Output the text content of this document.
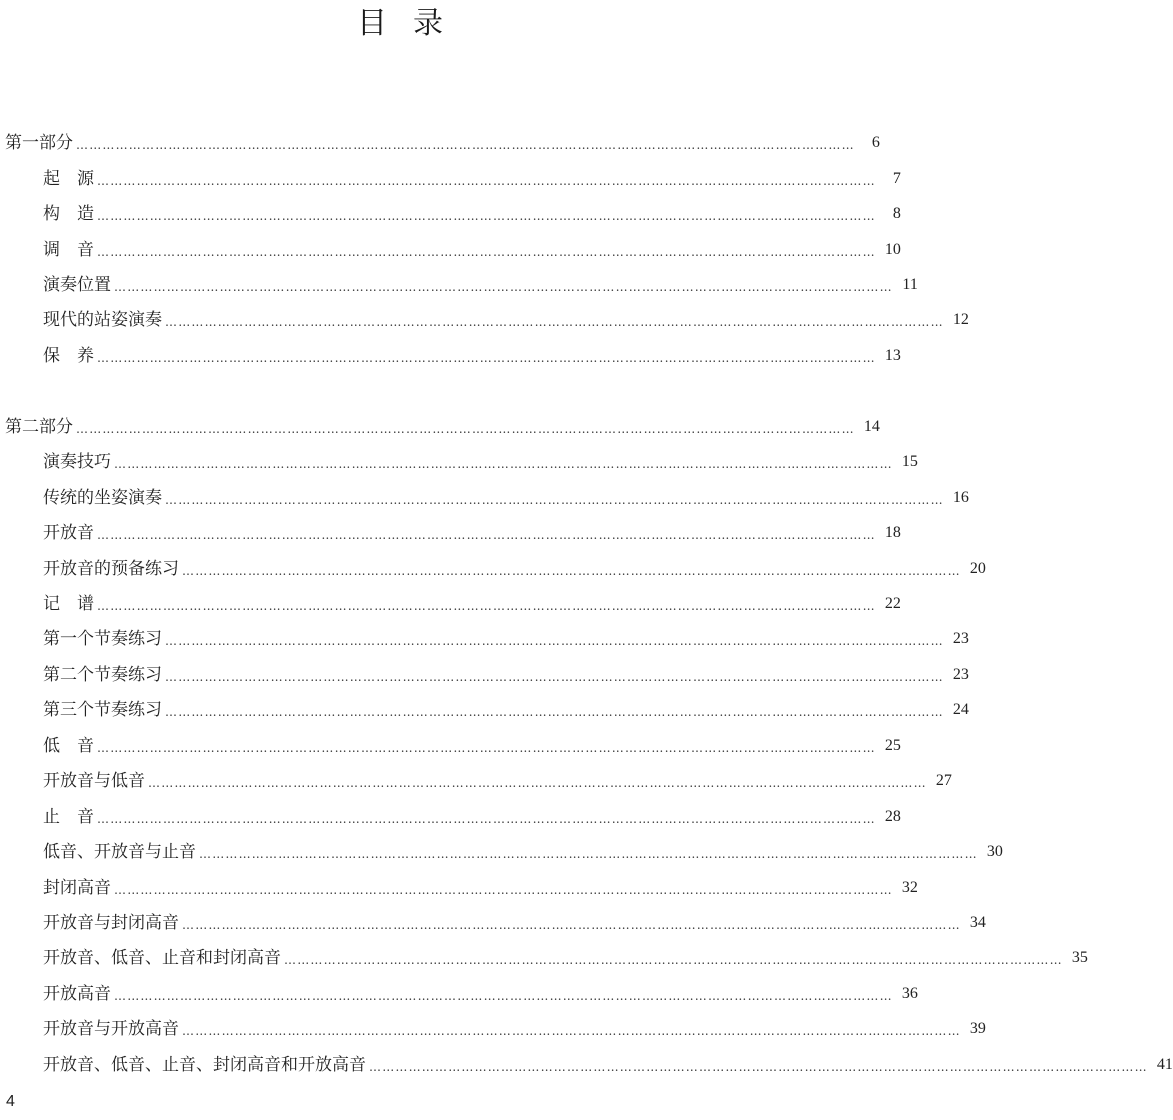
目录
第一部分 ……………………………………………………………………………………………………………………………………………………………	6
起　源 ……………………………………………………………………………………………………………………………………………………………	7
构　造 ……………………………………………………………………………………………………………………………………………………………	8
调　音 …………………………………………………………………………………………………………………………………………………………… 10
演奏位置 …………………………………………………………………………………………………………………………………………………………… 11
现代的站姿演奏 …………………………………………………………………………………………………………………………………………………………… 12
保　养 …………………………………………………………………………………………………………………………………………………………… 13
第二部分 …………………………………………………………………………………………………………………………………………………………… 14
演奏技巧 …………………………………………………………………………………………………………………………………………………………… 15
传统的坐姿演奏 …………………………………………………………………………………………………………………………………………………………… 16
开放音 …………………………………………………………………………………………………………………………………………………………… 18
开放音的预备练习 …………………………………………………………………………………………………………………………………………………………… 20
记　谱 …………………………………………………………………………………………………………………………………………………………… 22
第一个节奏练习 …………………………………………………………………………………………………………………………………………………………… 23
第二个节奏练习 …………………………………………………………………………………………………………………………………………………………… 23
第三个节奏练习 …………………………………………………………………………………………………………………………………………………………… 24
低　音 …………………………………………………………………………………………………………………………………………………………… 25
开放音与低音 …………………………………………………………………………………………………………………………………………………………… 27
止　音 …………………………………………………………………………………………………………………………………………………………… 28
低音、开放音与止音 …………………………………………………………………………………………………………………………………………………………… 30
封闭高音 …………………………………………………………………………………………………………………………………………………………… 32
开放音与封闭高音 …………………………………………………………………………………………………………………………………………………………… 34
开放音、低音、止音和封闭高音 …………………………………………………………………………………………………………………………………………………………… 35
开放高音 …………………………………………………………………………………………………………………………………………………………… 36
开放音与开放高音 …………………………………………………………………………………………………………………………………………………………… 39
开放音、低音、止音、封闭高音和开放高音 …………………………………………………………………………………………………………………………………………………………… 41
4
